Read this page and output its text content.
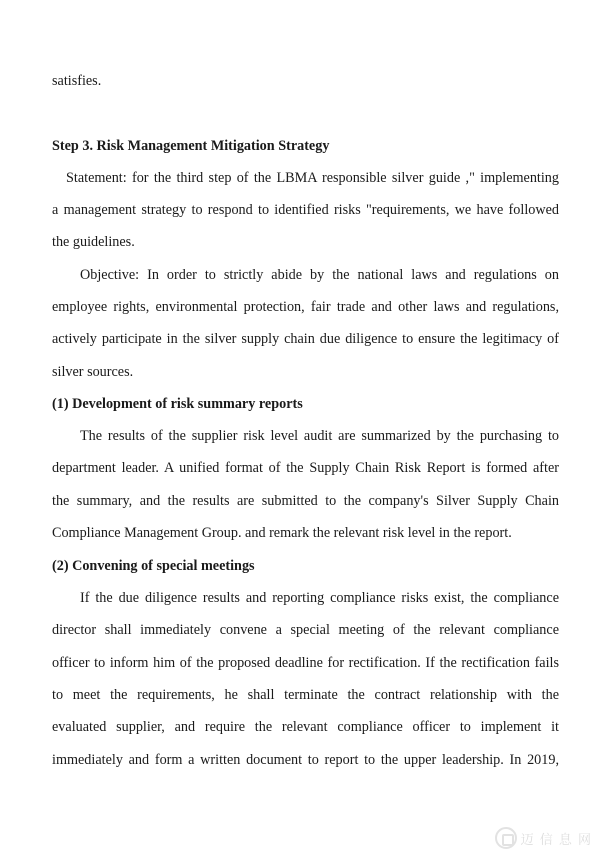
satisfies.
Step 3. Risk Management Mitigation Strategy
Statement: for the third step of the LBMA responsible silver guide ," implementing
a management strategy to respond to identified risks "requirements, we have followed
the guidelines.
Objective: In order to strictly abide by the national laws and regulations on
employee rights, environmental protection, fair trade and other laws and regulations,
actively participate in the silver supply chain due diligence to ensure the legitimacy of
silver sources.
(1) Development of risk summary reports
The results of the supplier risk level audit are summarized by the purchasing to
department leader. A unified format of the Supply Chain Risk Report is formed after
the summary, and the results are submitted to the company's Silver Supply Chain
Compliance Management Group. and remark the relevant risk level in the report.
(2) Convening of special meetings
If the due diligence results and reporting compliance risks exist, the compliance
director shall immediately convene a special meeting of the relevant compliance
officer to inform him of the proposed deadline for rectification. If the rectification fails
to meet the requirements, he shall terminate the contract relationship with the
evaluated supplier, and require the relevant compliance officer to implement it
immediately and form a written document to report to the upper leadership. In 2019,
迈 信 息 网
